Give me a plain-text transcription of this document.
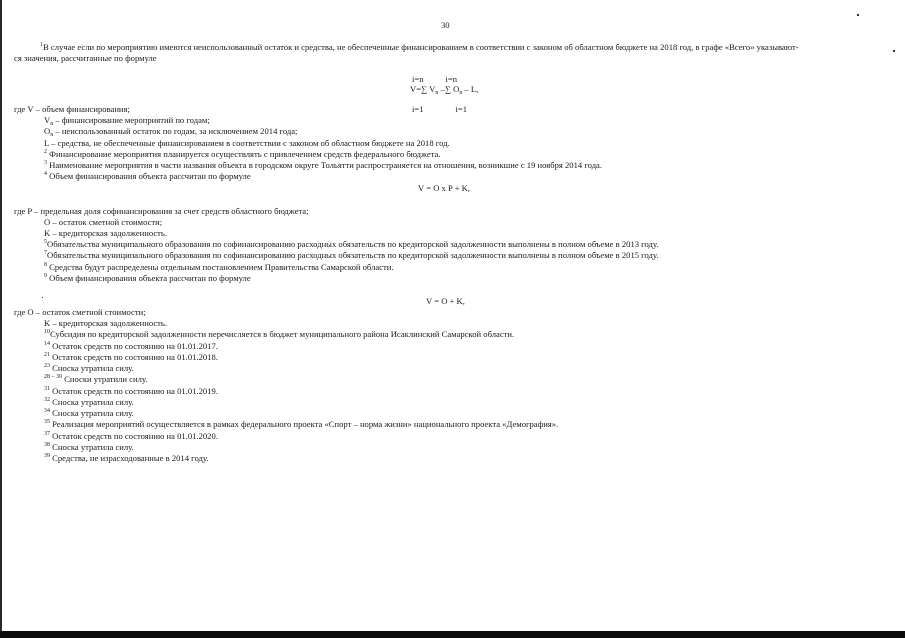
30
$^1$В случае если по мероприятию имеются неиспользованный остаток и средства, не обеспеченные финансированием в соответствии с законом об областном бюджете на 2018 год, в графе «Всего» указывают-
ся значения, рассчитанные по формуле
i=n	i=n
V=∑ $V_n$ –∑ $O_n$ – L,
i=1	i=1
где V – объем финансирования;
$V_n$ – финансирование мероприятий по годам;
$O_n$ – неиспользованный остаток по годам, за исключением 2014 года;
L – средства, не обеспеченные финансированием в соответствии с законом об областном бюджете на 2018 год.
$^2$ Финансирование мероприятия планируется осуществлять с привлечением средств федерального бюджета.
$^3$ Наименование мероприятия в части названия объекта в городском округе Тольятти распространяется на отношения, возникшие с 19 ноября 2014 года.
$^4$ Объем финансирования объекта рассчитан по формуле
V = O x P + K,
где P – предельная доля софинансирования за счет средств областного бюджета;
O – остаток сметной стоимости;
K – кредиторская задолженность.
$^5$Обязательства муниципального образования по софинансированию расходных обязательств по кредиторской задолженности выполнены в полном объеме в 2013 году.
$^7$Обязательства муниципального образования по софинансированию расходных обязательств по кредиторской задолженности выполнены в полном объеме в 2015 году.
$^8$ Средства будут распределены отдельным постановлением Правительства Самарской области.
$^9$ Объем финансирования объекта рассчитан по формуле
V = O + K,
где O – остаток сметной стоимости;
K – кредиторская задолженность.
$^{10}$Субсидия по кредиторской задолженности перечисляется в бюджет муниципального района Исаклинский Самарской области.
$^{14}$ Остаток средств по состоянию на 01.01.2017.
$^{21}$ Остаток средств по состоянию на 01.01.2018.
$^{23}$ Сноска утратила силу.
$^{28 - 30}$ Сноски утратили силу.
$^{31}$ Остаток средств по состоянию на 01.01.2019.
$^{32}$ Сноска утратила силу.
$^{34}$ Сноска утратила силу.
$^{35}$ Реализация мероприятий осуществляется в рамках федерального проекта «Спорт – норма жизни» национального проекта «Демография».
$^{37}$ Остаток средств по состоянию на 01.01.2020.
$^{38}$ Сноска утратила силу.
$^{39}$ Средства, не израсходованные в 2014 году.
